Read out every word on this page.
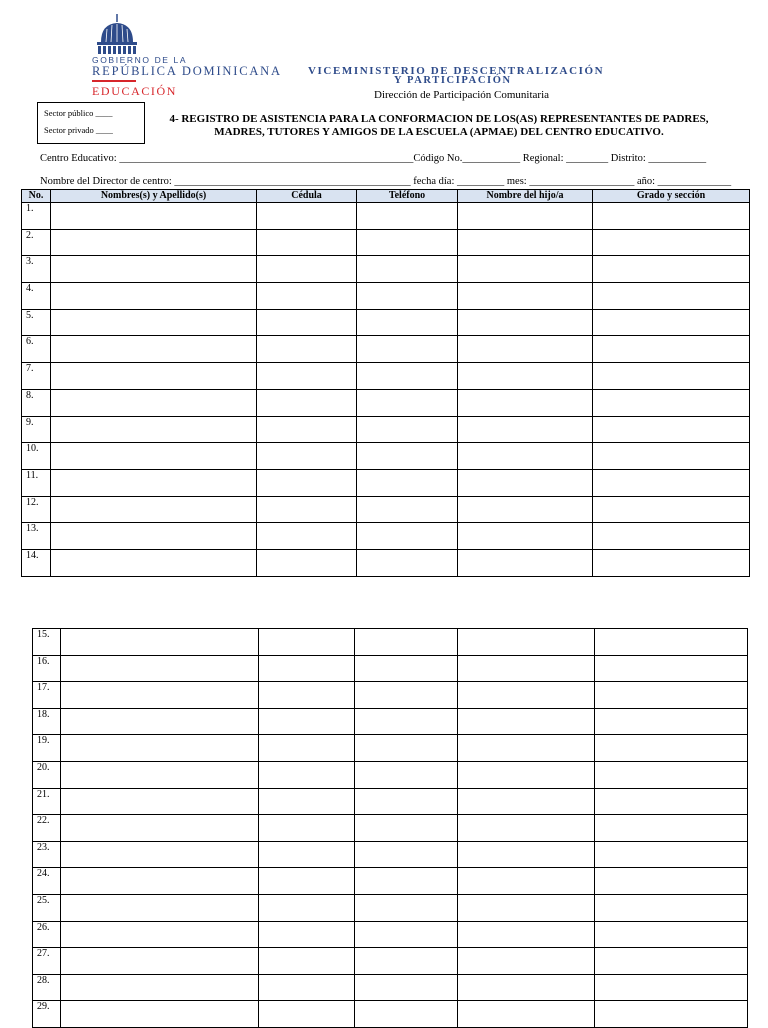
GOBIERNO DE LA
REPÚBLICA DOMINICANA
EDUCACIÓN
VICEMINISTERIO DE DESCENTRALIZACIÓN
Y PARTICIPACIÓN
Dirección de Participación Comunitaria
Sector público ____
Sector privado ____
4- REGISTRO DE ASISTENCIA PARA LA CONFORMACION DE LOS(AS) REPRESENTANTES DE PADRES,
MADRES, TUTORES Y AMIGOS DE LA ESCUELA (APMAE) DEL CENTRO EDUCATIVO.
Centro Educativo: ________________________________________________________Código No.___________ Regional: ________ Distrito: ___________
Nombre del Director de centro: _____________________________________________ fecha día: _________ mes: ____________________ año: ______________
No.	Nombres(s) y Apellido(s)	Cédula	Teléfono	Nombre del hijo/a	Grado y sección
1.					
2.					
3.					
4.					
5.					
6.					
7.					
8.					
9.					
10.					
11.					
12.					
13.					
14.					
15.					
16.					
17.					
18.					
19.					
20.					
21.					
22.					
23.					
24.					
25.					
26.					
27.					
28.					
29.					
